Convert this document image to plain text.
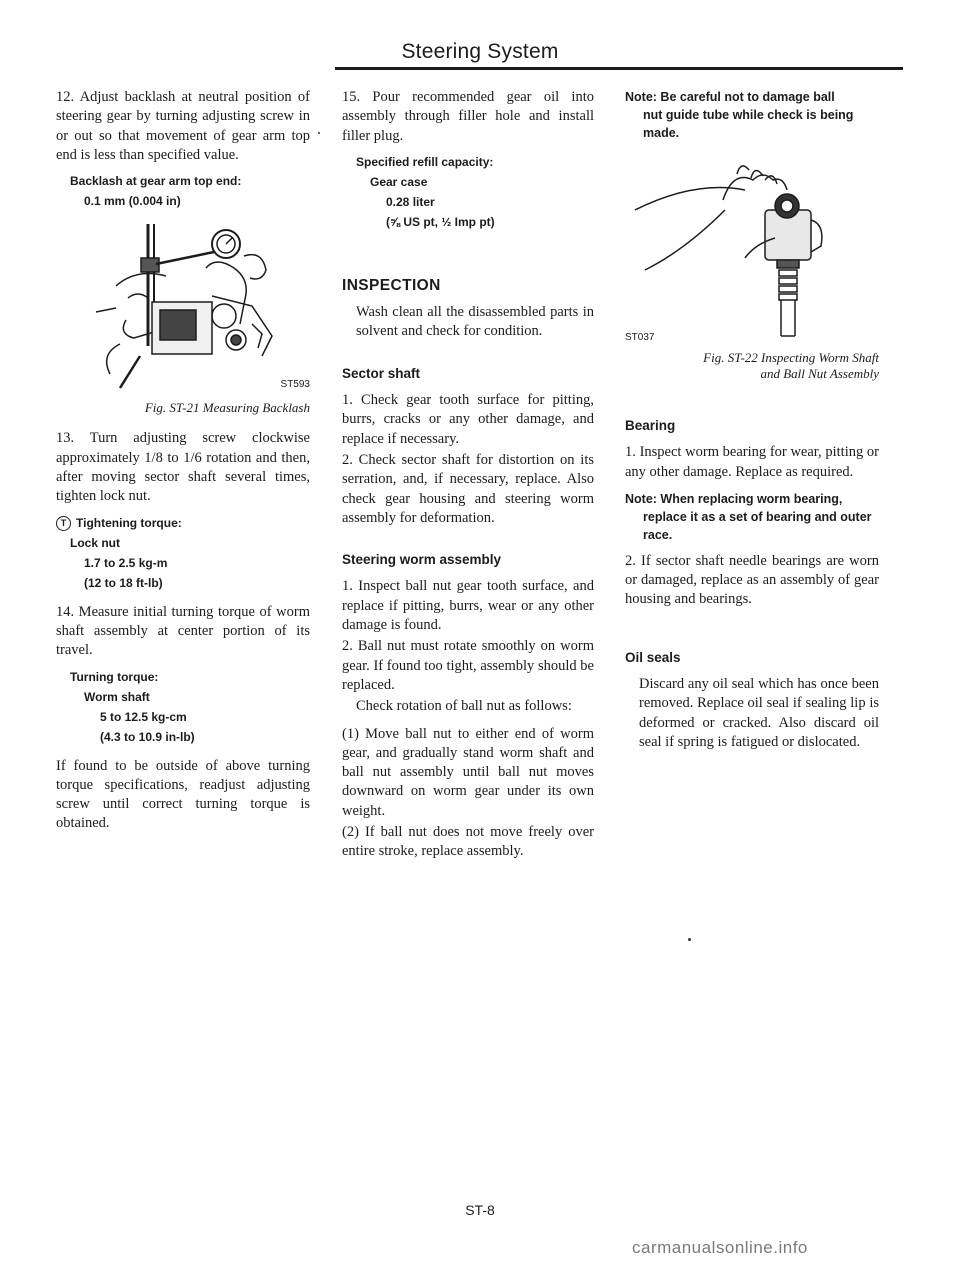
Steering System

12. Adjust backlash at neutral position of steering gear by turning adjusting screw in or out so that movement of gear arm top end is less than specified value.

Backlash at gear arm top end:
0.1 mm (0.004 in)
ST593
Fig. ST-21 Measuring Backlash

13. Turn adjusting screw clockwise approximately 1/8 to 1/6 rotation and then, after moving sector shaft several times, tighten lock nut.

T Tightening torque:
Lock nut
1.7 to 2.5 kg-m
(12 to 18 ft-lb)

14. Measure initial turning torque of worm shaft assembly at center portion of its travel.

Turning torque:
Worm shaft
5 to 12.5 kg-cm
(4.3 to 10.9 in-lb)

If found to be outside of above turning torque specifications, readjust adjusting screw until correct turning torque is obtained.

15. Pour recommended gear oil into assembly through filler hole and install filler plug.

Specified refill capacity:
Gear case
0.28 liter
(⅝ US pt, ½ Imp pt)
INSPECTION

Wash clean all the disassembled parts in solvent and check for condition.

Sector shaft

1. Check gear tooth surface for pitting, burrs, cracks or any other damage, and replace if necessary.

2. Check sector shaft for distortion on its serration, and, if necessary, replace. Also check gear housing and steering worm assembly for deformation.

Steering worm assembly

1. Inspect ball nut gear tooth surface, and replace if pitting, burrs, wear or any other damage is found.

2. Ball nut must rotate smoothly on worm gear. If found too tight, assembly should be replaced.

Check rotation of ball nut as follows:

(1) Move ball nut to either end of worm gear, and gradually stand worm shaft and ball nut assembly until ball nut moves downward on worm gear under its own weight.

(2) If ball nut does not move freely over entire stroke, replace assembly.

Note: Be careful not to damage ball
nut guide tube while check is being made.
ST037
Fig. ST-22 Inspecting Worm Shaft
and Ball Nut Assembly
Bearing

1. Inspect worm bearing for wear, pitting or any other damage. Replace as required.

Note: When replacing worm bearing,
replace it as a set of bearing and outer race.

2. If sector shaft needle bearings are worn or damaged, replace as an assembly of gear housing and bearings.

Oil seals

Discard any oil seal which has once been removed. Replace oil seal if sealing lip is deformed or cracked. Also discard oil seal if spring is fatigued or dislocated.

ST-8
carmanualsonline.info
